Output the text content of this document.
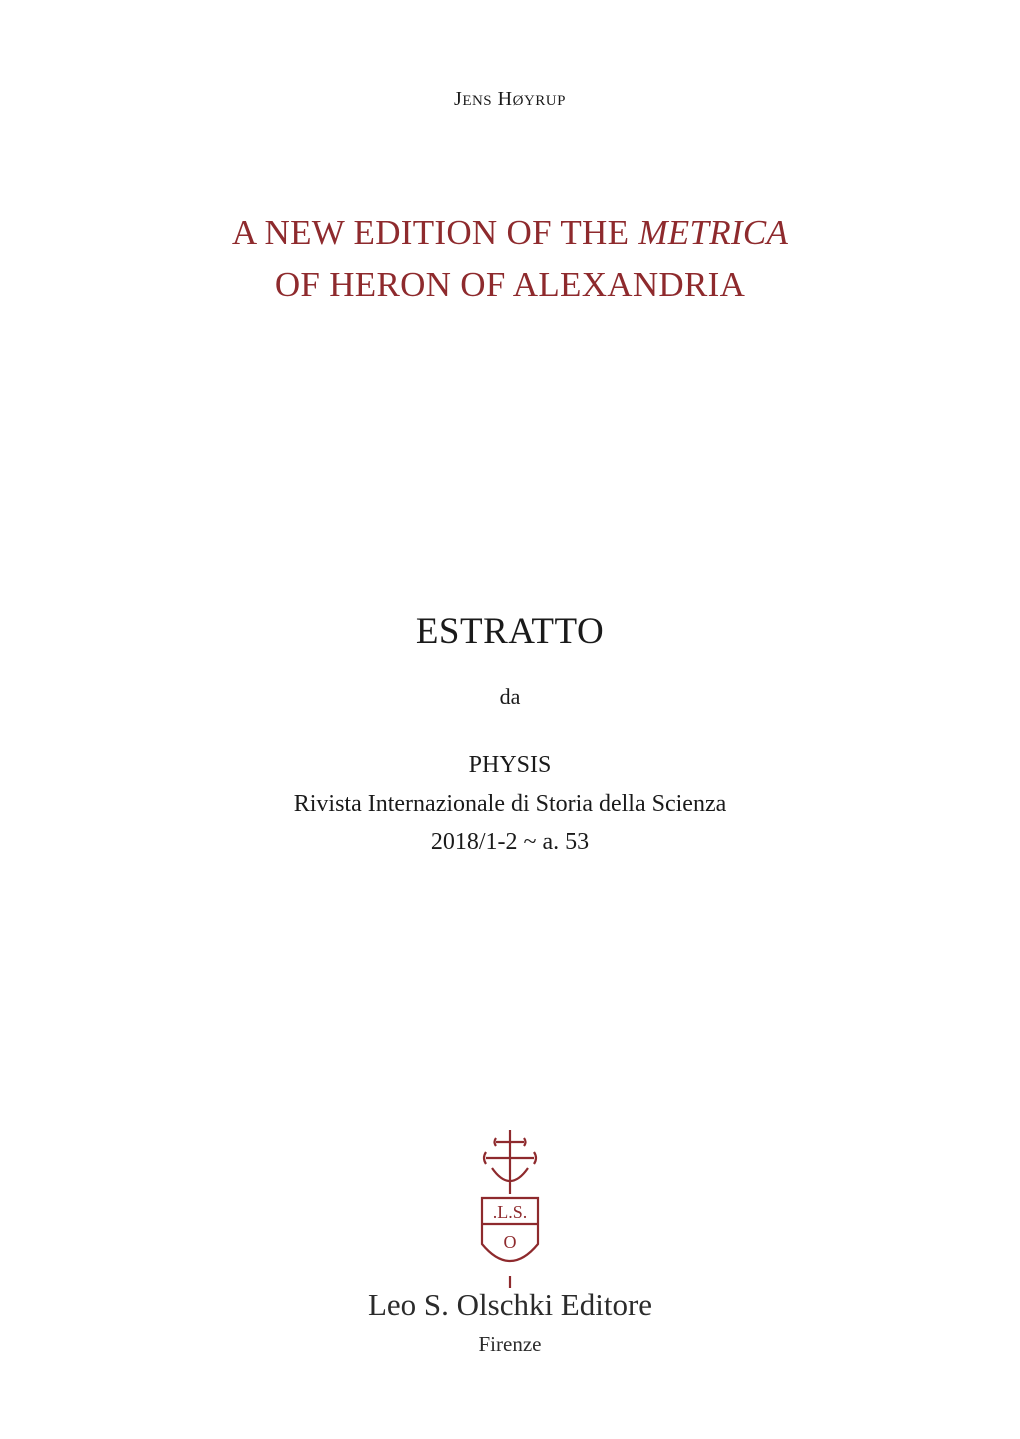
JENS HØYRUP
A NEW EDITION OF THE METRICA
OF HERON OF ALEXANDRIA
ESTRATTO
da
PHYSIS
Rivista Internazionale di Storia della Scienza
2018/1-2 ~ a. 53
.L.S.
O
Leo S. Olschki Editore
Firenze
